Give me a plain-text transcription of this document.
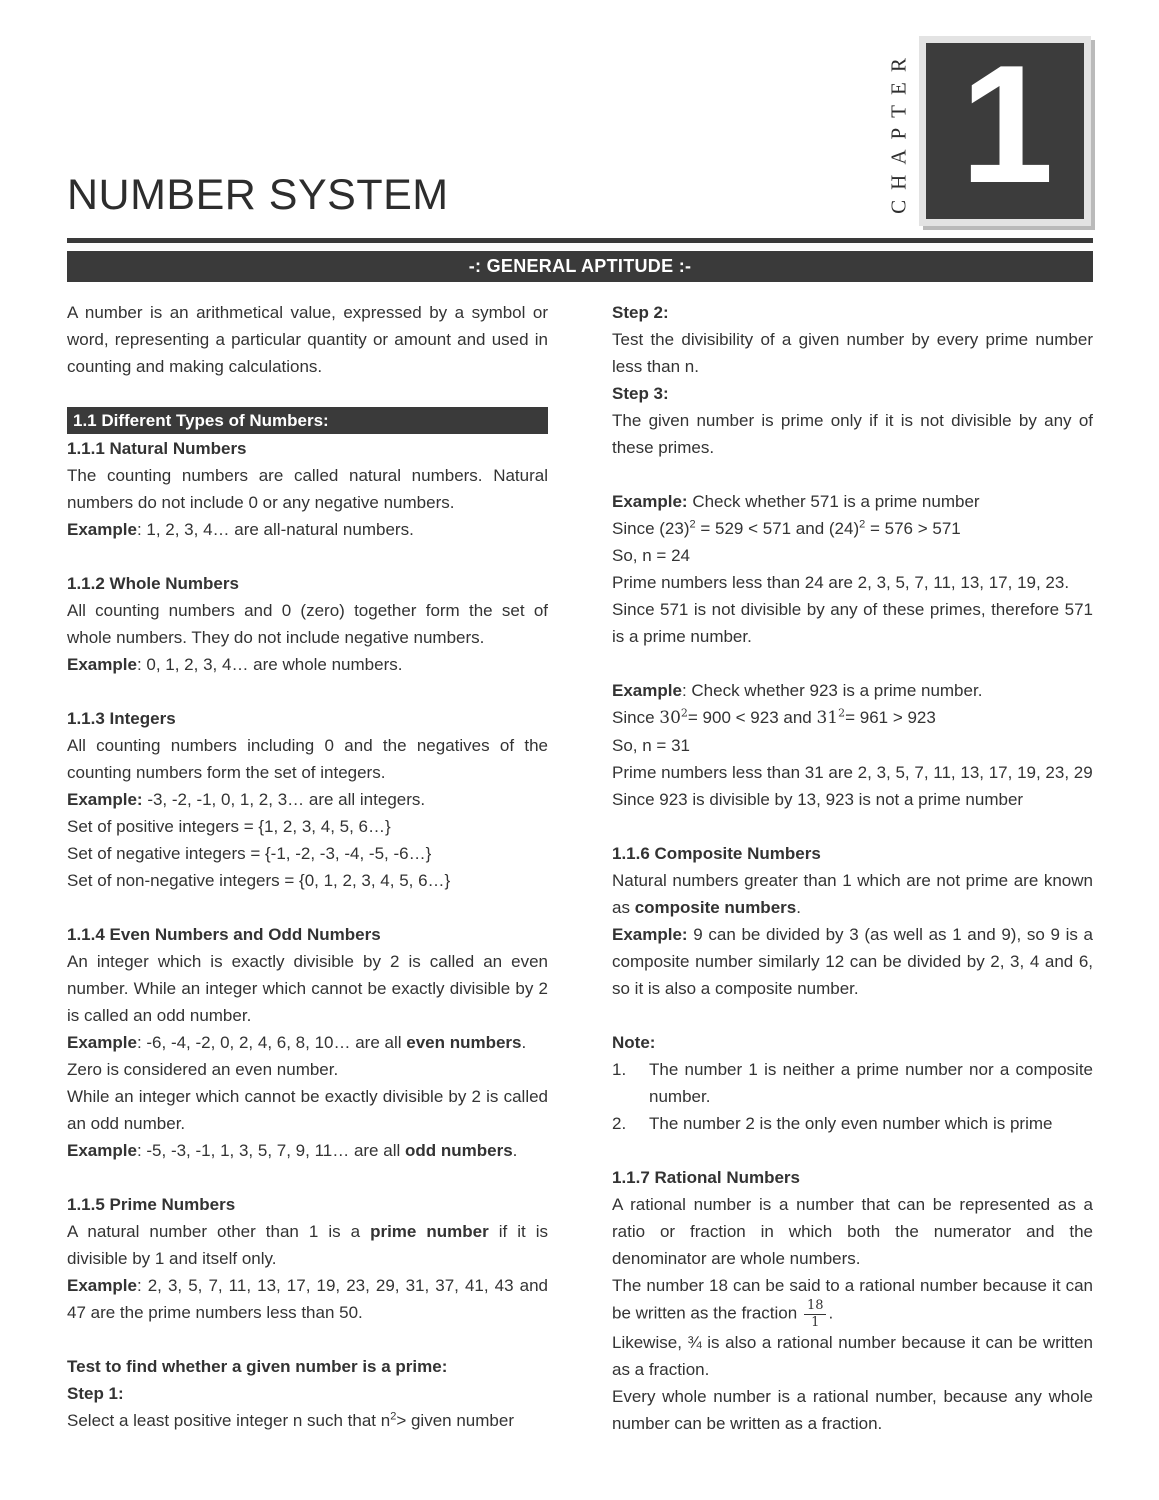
NUMBER SYSTEM	CHAPTER 1
-: GENERAL APTITUDE :-
A number is an arithmetical value, expressed by a symbol or word, representing a particular quantity or amount and used in counting and making calculations.
1.1 Different Types of Numbers:
1.1.1 Natural Numbers
The counting numbers are called natural numbers. Natural numbers do not include 0 or any negative numbers.
Example: 1, 2, 3, 4… are all-natural numbers.
1.1.2 Whole Numbers
All counting numbers and 0 (zero) together form the set of whole numbers. They do not include negative numbers.
Example: 0, 1, 2, 3, 4… are whole numbers.
1.1.3 Integers
All counting numbers including 0 and the negatives of the counting numbers form the set of integers.
Example: -3, -2, -1, 0, 1, 2, 3… are all integers.
Set of positive integers = {1, 2, 3, 4, 5, 6…}
Set of negative integers = {-1, -2, -3, -4, -5, -6…}
Set of non-negative integers = {0, 1, 2, 3, 4, 5, 6…}
1.1.4 Even Numbers and Odd Numbers
An integer which is exactly divisible by 2 is called an even number. While an integer which cannot be exactly divisible by 2 is called an odd number.
Example: -6, -4, -2, 0, 2, 4, 6, 8, 10… are all even numbers.
Zero is considered an even number.
While an integer which cannot be exactly divisible by 2 is called an odd number.
Example: -5, -3, -1, 1, 3, 5, 7, 9, 11… are all odd numbers.
1.1.5 Prime Numbers
A natural number other than 1 is a prime number if it is divisible by 1 and itself only.
Example: 2, 3, 5, 7, 11, 13, 17, 19, 23, 29, 31, 37, 41, 43 and 47 are the prime numbers less than 50.
Test to find whether a given number is a prime:
Step 1:
Select a least positive integer n such that $n^2>$ given number
Step 2:
Test the divisibility of a given number by every prime number less than n.
Step 3:
The given number is prime only if it is not divisible by any of these primes.
Example: Check whether 571 is a prime number
Since $(23)^2 = 529 < 571$ and $(24)^2 = 576 > 571$
So, n = 24
Prime numbers less than 24 are 2, 3, 5, 7, 11, 13, 17, 19, 23.
Since 571 is not divisible by any of these primes, therefore 571 is a prime number.
Example: Check whether 923 is a prime number.
Since $30^2= 900 < 923$ and $31^2= 961 > 923$
So, n = 31
Prime numbers less than 31 are 2, 3, 5, 7, 11, 13, 17, 19, 23, 29
Since 923 is divisible by 13, 923 is not a prime number
1.1.6 Composite Numbers
Natural numbers greater than 1 which are not prime are known as composite numbers.
Example: 9 can be divided by 3 (as well as 1 and 9), so 9 is a composite number similarly 12 can be divided by 2, 3, 4 and 6, so it is also a composite number.
Note:
1.	The number 1 is neither a prime number nor a composite number.
2.	The number 2 is the only even number which is prime
1.1.7 Rational Numbers
A rational number is a number that can be represented as a ratio or fraction in which both the numerator and the denominator are whole numbers.
The number 18 can be said to a rational number because it can be written as the fraction $\frac{18}{1}$ .
Likewise, ¾ is also a rational number because it can be written as a fraction.
Every whole number is a rational number, because any whole number can be written as a fraction.
